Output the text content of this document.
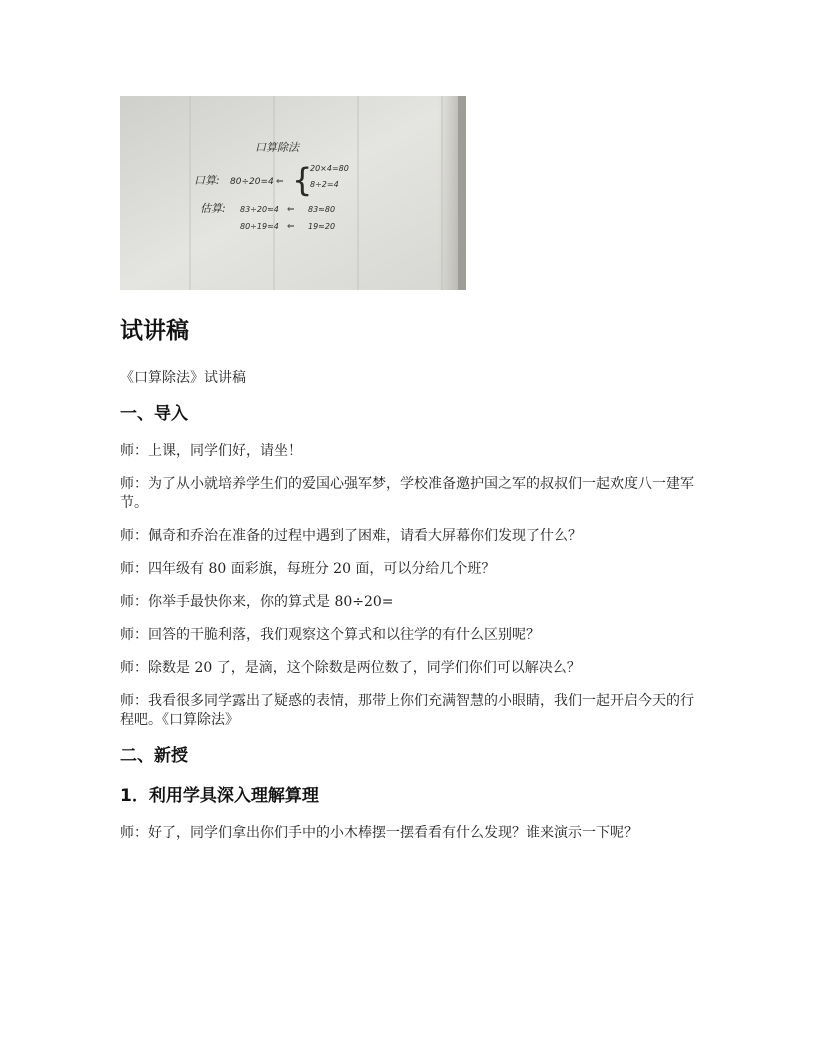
口算除法
口算: 80÷20=4 ⇐ {
20×4=80
8÷2=4
估算: 83÷20≈4 ⇐ 83≈80
80÷19≈4 ⇐ 19≈20
试讲稿
《口算除法》试讲稿
一、导入
师：上课，同学们好，请坐！
师：为了从小就培养学生们的爱国心强军梦，学校准备邀护国之军的叔叔们一起欢度八一建军节。
师：佩奇和乔治在准备的过程中遇到了困难，请看大屏幕你们发现了什么？
师：四年级有 80 面彩旗，每班分 20 面，可以分给几个班？
师：你举手最快你来，你的算式是 80÷20=
师：回答的干脆利落，我们观察这个算式和以往学的有什么区别呢？
师：除数是 20 了，是滴，这个除数是两位数了，同学们你们可以解决么？
师：我看很多同学露出了疑惑的表情，那带上你们充满智慧的小眼睛，我们一起开启今天的行程吧。《口算除法》
二、新授
1．利用学具深入理解算理
师：好了，同学们拿出你们手中的小木棒摆一摆看看有什么发现？谁来演示一下呢？
